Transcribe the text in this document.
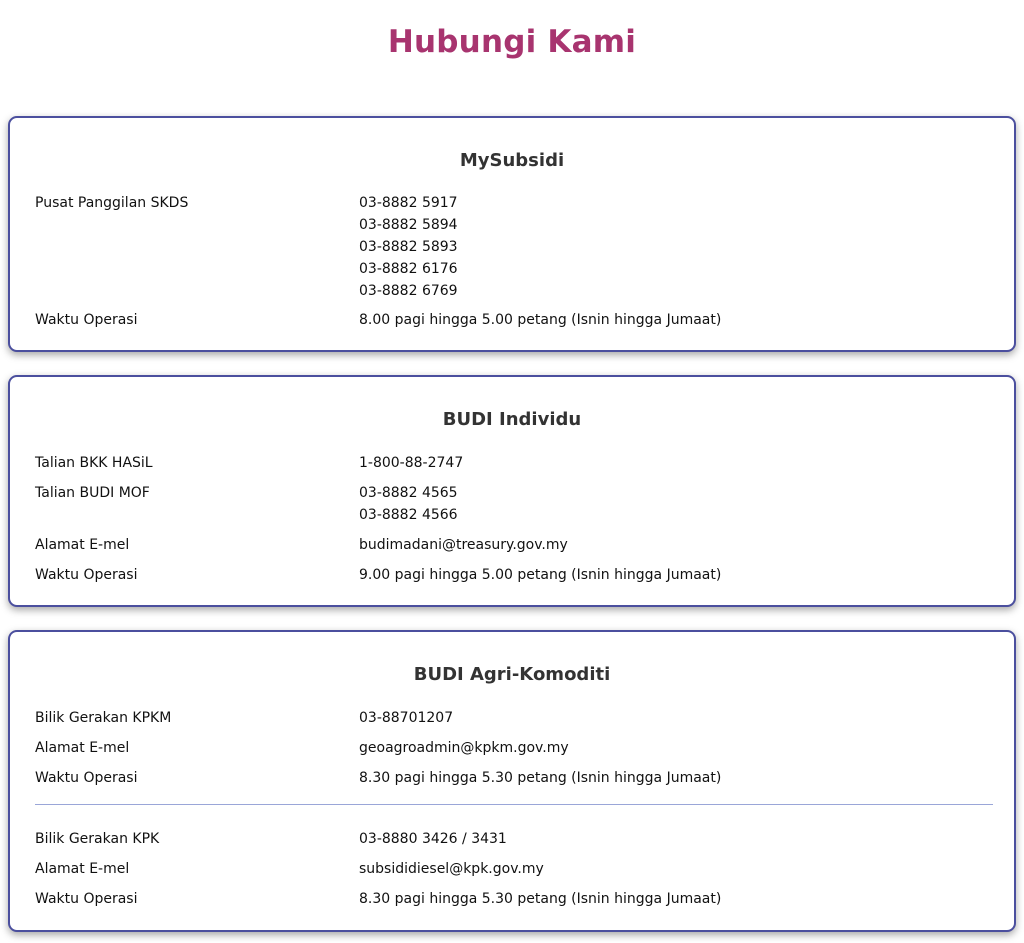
Hubungi Kami
MySubsidi
Pusat Panggilan SKDS	03-8882 5917
03-8882 5894
03-8882 5893
03-8882 6176
03-8882 6769
Waktu Operasi	8.00 pagi hingga 5.00 petang (Isnin hingga Jumaat)
BUDI Individu
Talian BKK HASiL	1-800-88-2747
Talian BUDI MOF	03-8882 4565
03-8882 4566
Alamat E-mel	budimadani@treasury.gov.my
Waktu Operasi	9.00 pagi hingga 5.00 petang (Isnin hingga Jumaat)
BUDI Agri-Komoditi
Bilik Gerakan KPKM	03-88701207
Alamat E-mel	geoagroadmin@kpkm.gov.my
Waktu Operasi	8.30 pagi hingga 5.30 petang (Isnin hingga Jumaat)
Bilik Gerakan KPK	03-8880 3426 / 3431
Alamat E-mel	subsididiesel@kpk.gov.my
Waktu Operasi	8.30 pagi hingga 5.30 petang (Isnin hingga Jumaat)
